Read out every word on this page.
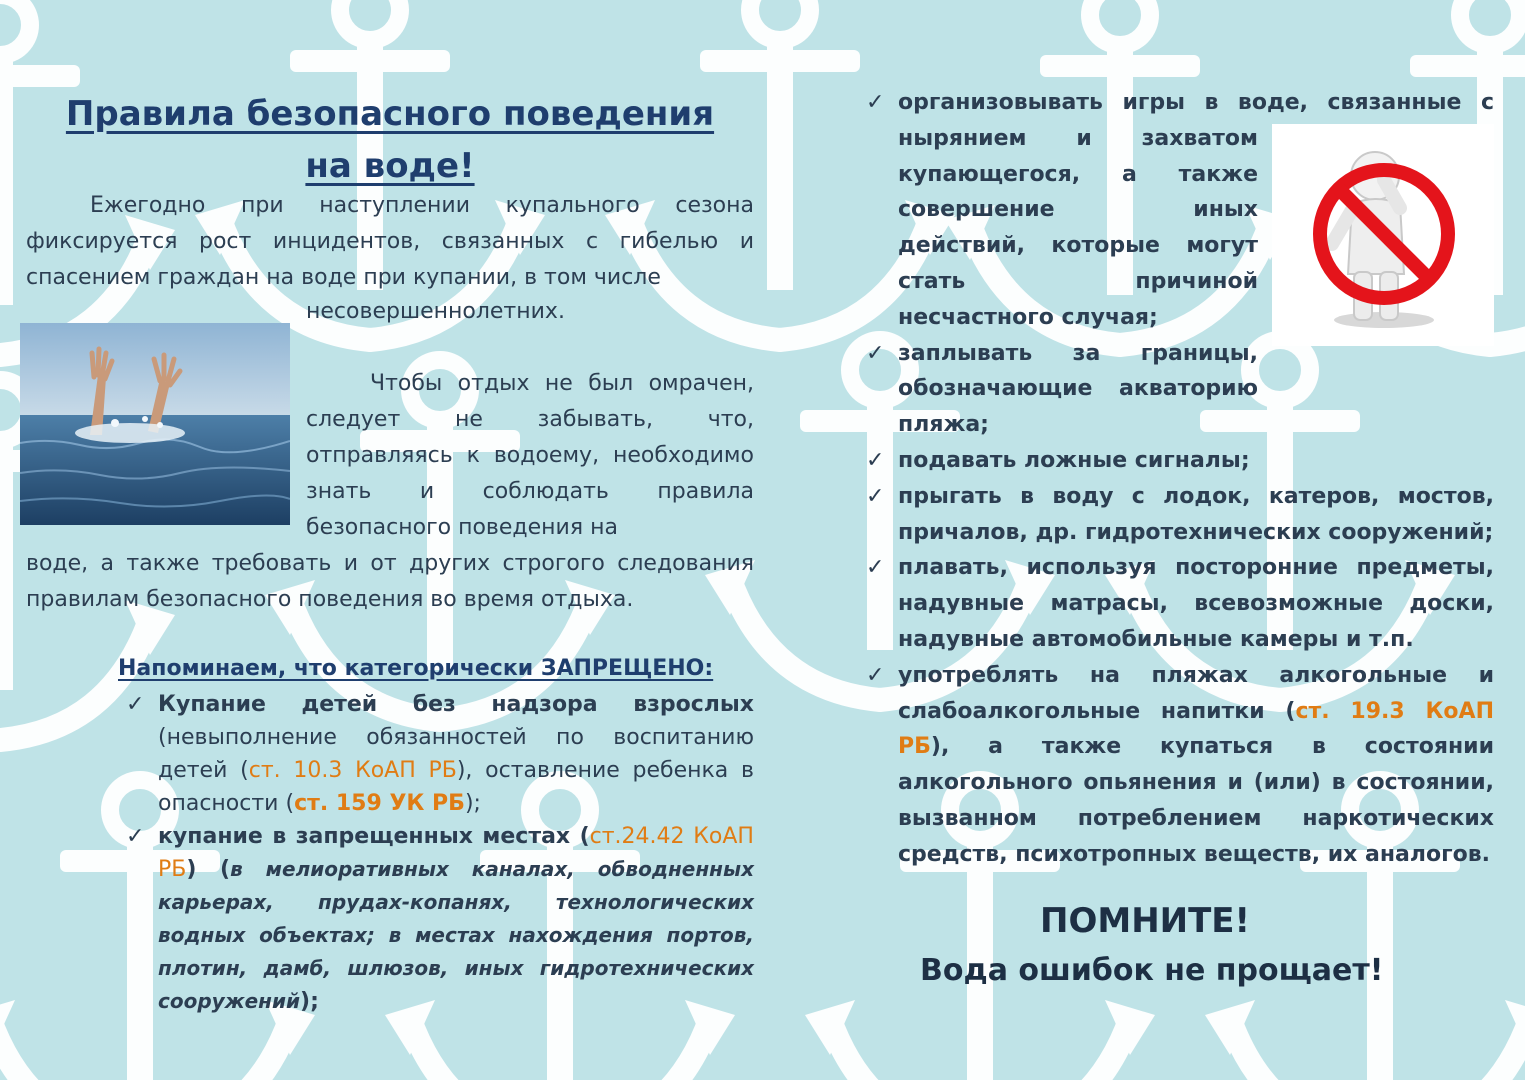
Правила безопасного поведения на воде!

Ежегодно при наступлении купального сезона фиксируется рост инцидентов, связанных с гибелью и спасением граждан на воде при купании, в том числе

несовершеннолетних.
Чтобы отдых не был омрачен, следует не забывать, что, отправляясь к водоему, необходимо знать и соблюдать правила безопасного поведения на
воде, а также требовать и от других строгого следования правилам безопасного поведения во время отдыха.
Напоминаем, что категорически ЗАПРЕЩЕНО:
✓ Купание детей без надзора взрослых (невыполнение обязанностей по воспитанию детей (ст. 10.3 КоАП РБ), оставление ребенка в опасности (ст. 159 УК РБ);
✓ купание в запрещенных местах (ст.24.42 КоАП РБ) (в мелиоративных каналах, обводненных карьерах, прудах-копанях, технологических водных объектах; в местах нахождения портов, плотин, дамб, шлюзов, иных гидротехнических сооружений);
✓ организовывать игры в воде, связанные с
нырянием и захватом купающегося, а также совершение иных действий, которые могут стать причиной несчастного случая;
✓ заплывать за границы, обозначающие акваторию пляжа;
✓ подавать ложные сигналы;
✓ прыгать в воду с лодок, катеров, мостов, причалов, др. гидротехнических сооружений;
✓ плавать, используя посторонние предметы, надувные матрасы, всевозможные доски, надувные автомобильные камеры и т.п.
✓ употреблять на пляжах алкогольные и слабоалкогольные напитки (ст. 19.3 КоАП РБ), а также купаться в состоянии алкогольного опьянения и (или) в состоянии, вызванном потреблением наркотических средств, психотропных веществ, их аналогов.
ПОМНИТЕ!
Вода ошибок не прощает!
